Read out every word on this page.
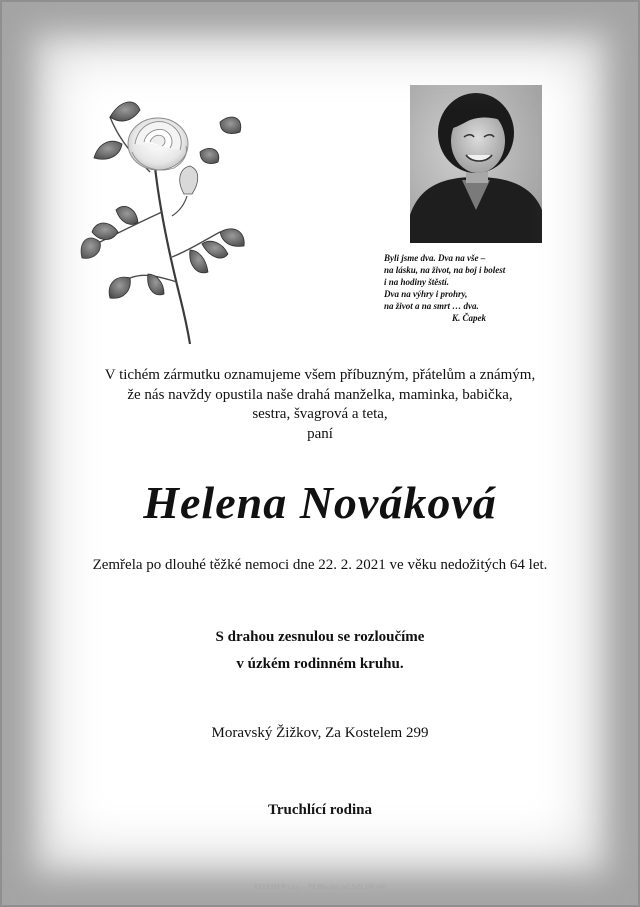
Byli jsme dva. Dva na vše –
na lásku, na život, na boj i bolest
i na hodiny štěstí.
Dva na výhry i prohry,
na život a na smrt … dva.
K. Čapek
V tichém zármutku oznamujeme všem příbuzným, přátelům a známým,
že nás navždy opustila naše drahá manželka, maminka, babička,
sestra, švagrová a teta,
paní
Helena Nováková
Zemřela po dlouhé těžké nemoci dne 22. 2. 2021 ve věku nedožitých 64 let.
S drahou zesnulou se rozloučíme
v úzkém rodinném kruhu.
Moravský Žižkov, Za Kostelem 299
Truchlící rodina
KELEMEN s.r.o. – PS Břeclav, tel:519 326 046
204015
